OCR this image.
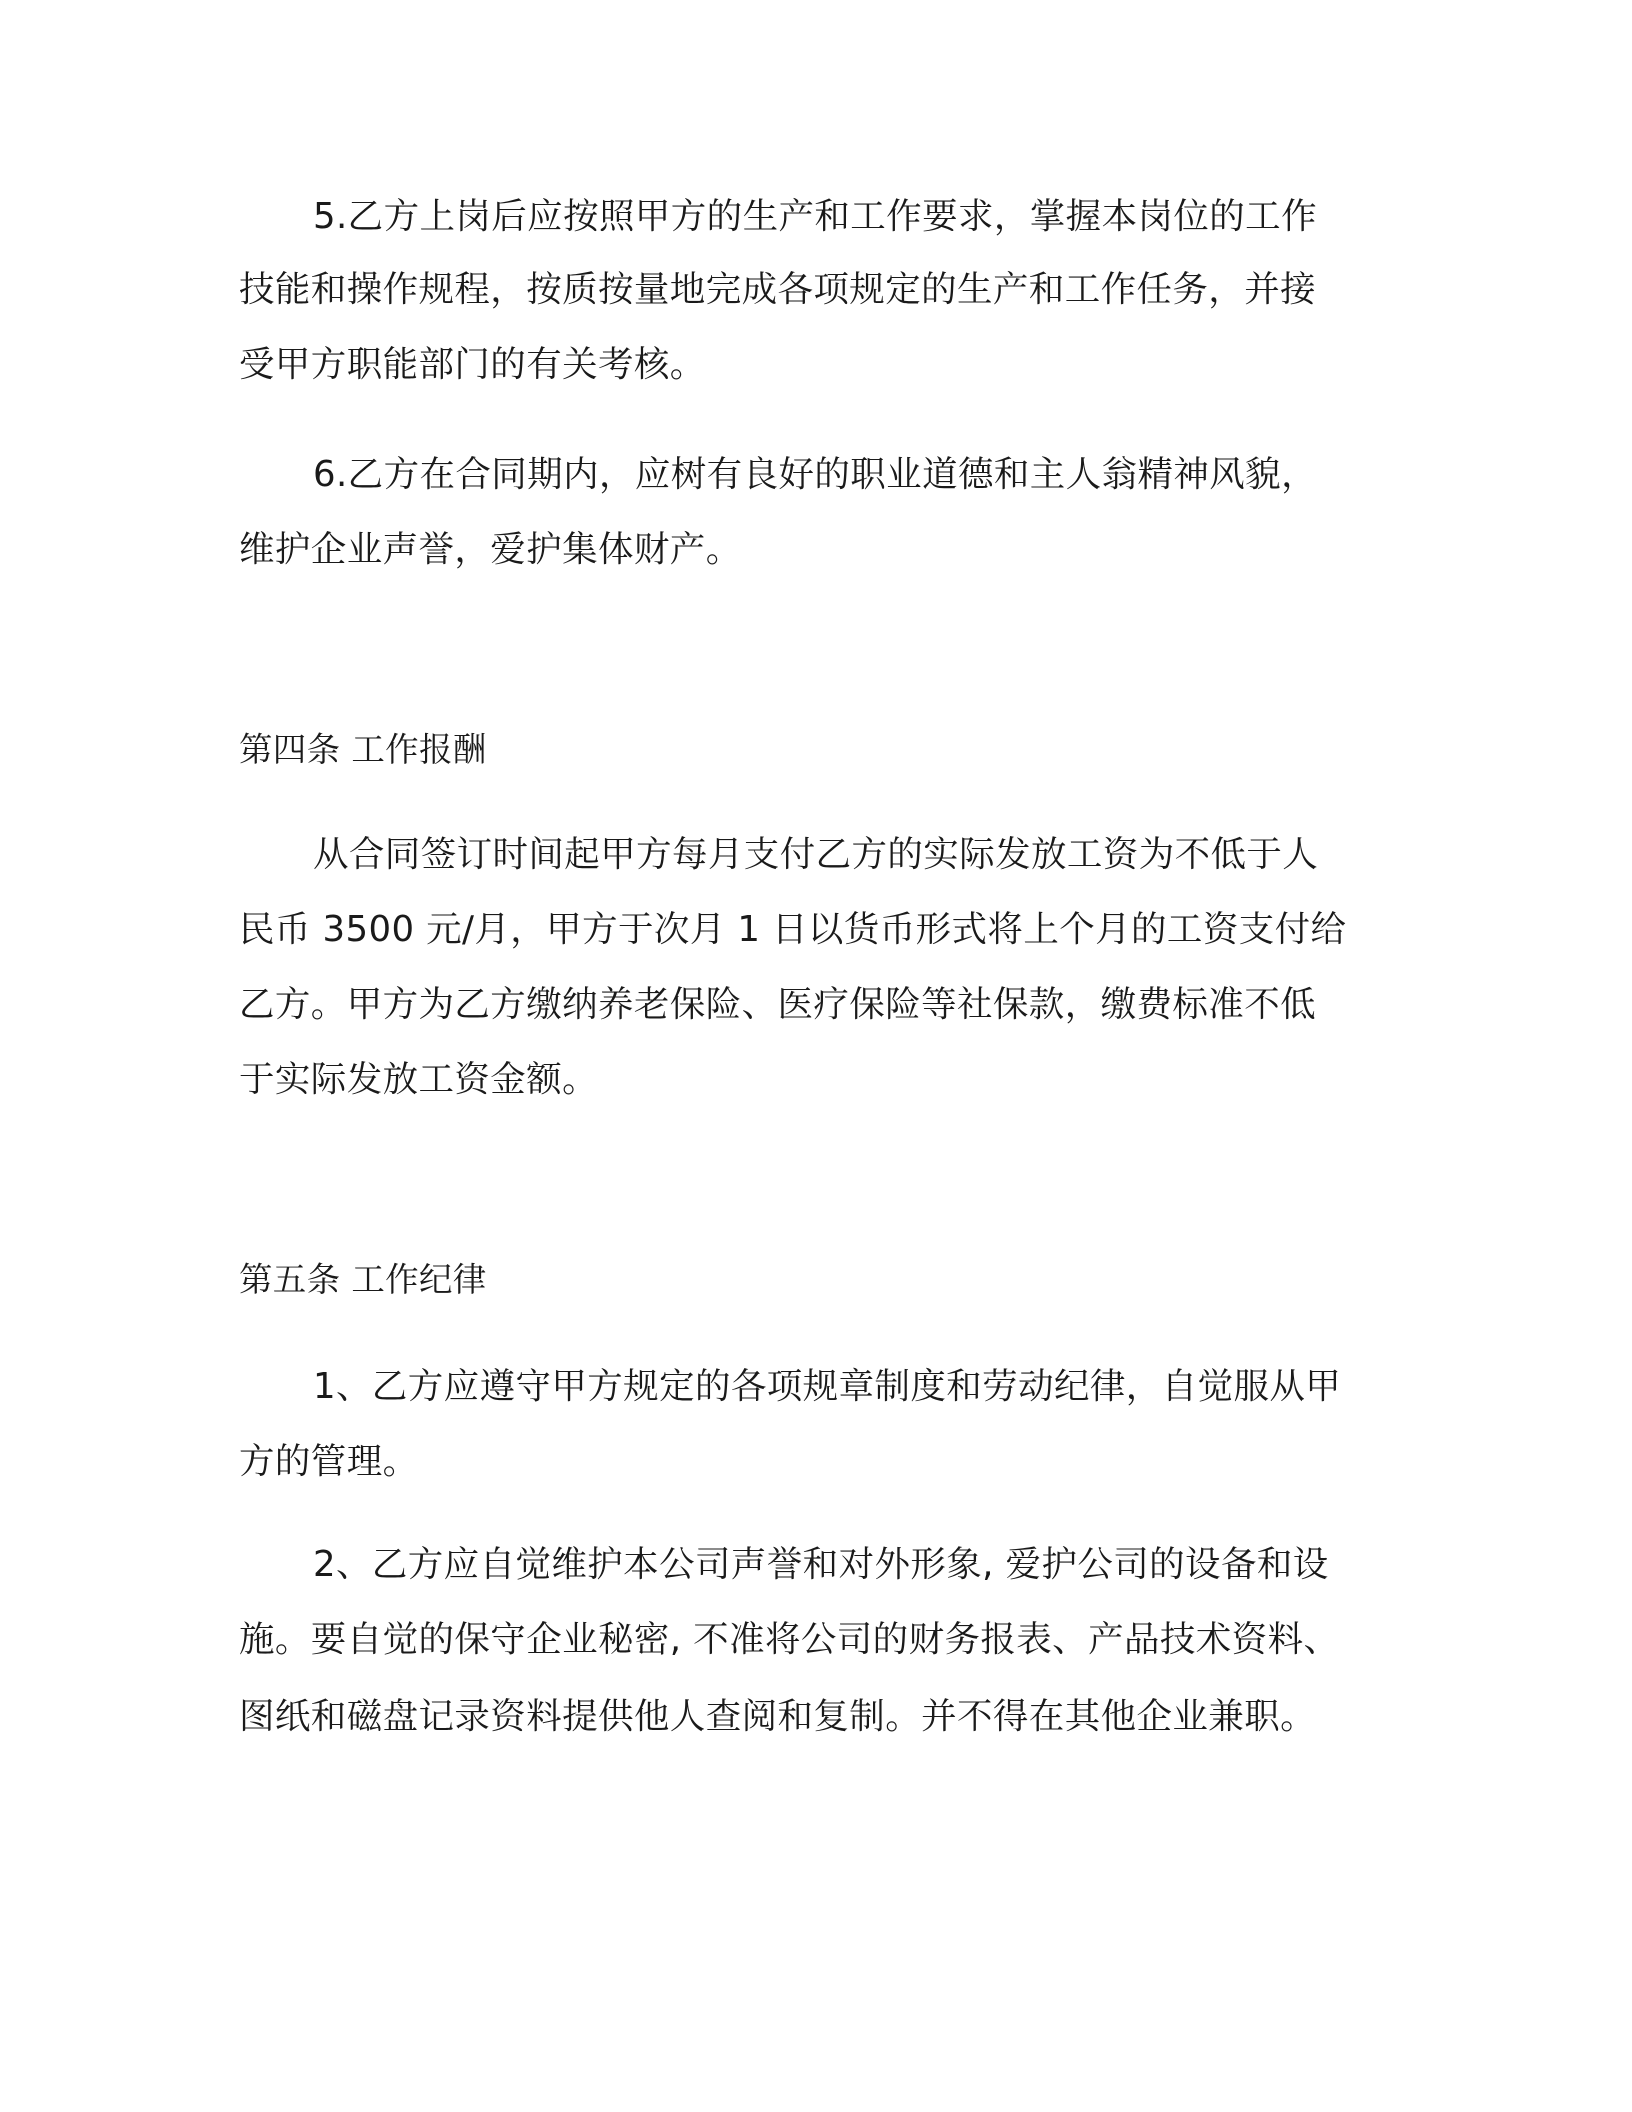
5.乙方上岗后应按照甲方的生产和工作要求，掌握本岗位的工作

技能和操作规程，按质按量地完成各项规定的生产和工作任务，并接

受甲方职能部门的有关考核。

6.乙方在合同期内，应树有良好的职业道德和主人翁精神风貌，

维护企业声誉，爱护集体财产。

第四条 工作报酬

从合同签订时间起甲方每月支付乙方的实际发放工资为不低于人

民币 3500 元/月，甲方于次月 1 日以货币形式将上个月的工资支付给

乙方。甲方为乙方缴纳养老保险、医疗保险等社保款，缴费标准不低

于实际发放工资金额。

第五条 工作纪律

1、乙方应遵守甲方规定的各项规章制度和劳动纪律，自觉服从甲

方的管理。

2、乙方应自觉维护本公司声誉和对外形象, 爱护公司的设备和设

施。要自觉的保守企业秘密, 不准将公司的财务报表、产品技术资料、

图纸和磁盘记录资料提供他人查阅和复制。并不得在其他企业兼职。
